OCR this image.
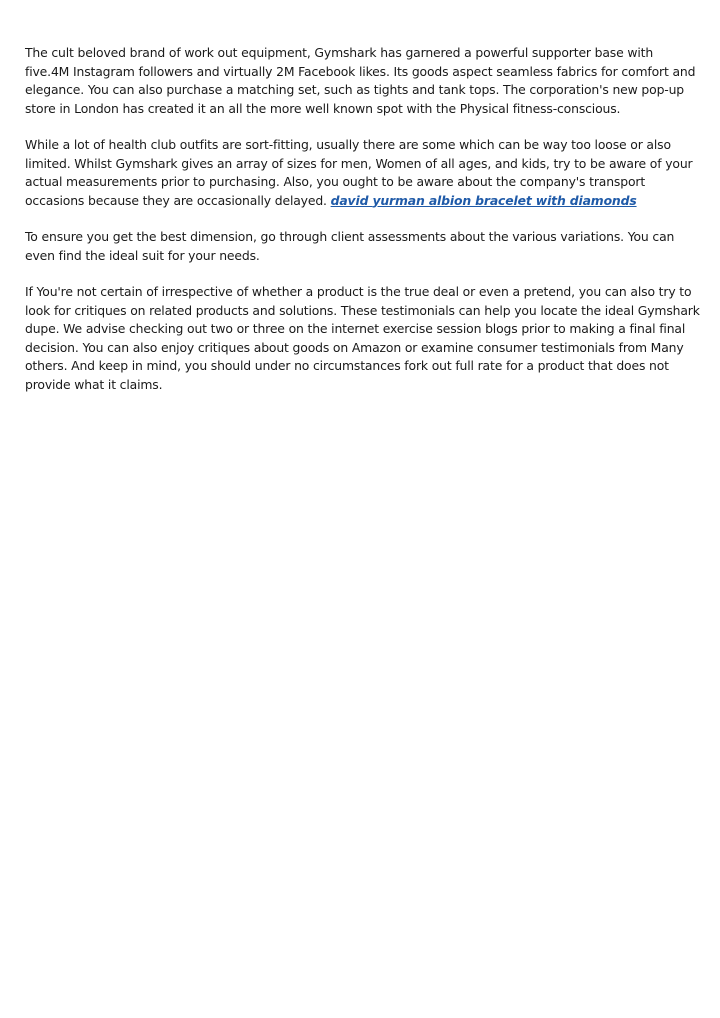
The cult beloved brand of work out equipment, Gymshark has garnered a powerful supporter base with five.4M Instagram followers and virtually 2M Facebook likes. Its goods aspect seamless fabrics for comfort and elegance. You can also purchase a matching set, such as tights and tank tops. The corporation's new pop-up store in London has created it an all the more well known spot with the Physical fitness-conscious.

While a lot of health club outfits are sort-fitting, usually there are some which can be way too loose or also limited. Whilst Gymshark gives an array of sizes for men, Women of all ages, and kids, try to be aware of your actual measurements prior to purchasing. Also, you ought to be aware about the company's transport occasions because they are occasionally delayed. david yurman albion bracelet with diamonds

To ensure you get the best dimension, go through client assessments about the various variations. You can even find the ideal suit for your needs.

If You're not certain of irrespective of whether a product is the true deal or even a pretend, you can also try to look for critiques on related products and solutions. These testimonials can help you locate the ideal Gymshark dupe. We advise checking out two or three on the internet exercise session blogs prior to making a final final decision. You can also enjoy critiques about goods on Amazon or examine consumer testimonials from Many others. And keep in mind, you should under no circumstances fork out full rate for a product that does not provide what it claims.
